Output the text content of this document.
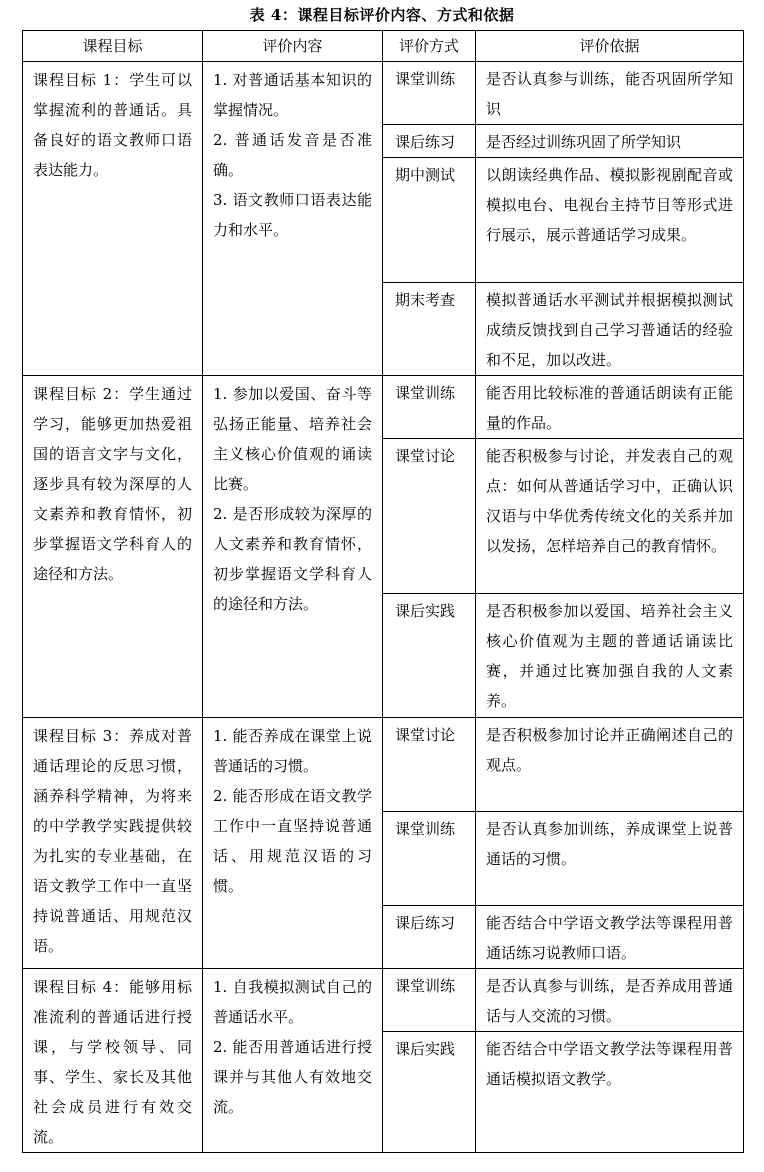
表 4：课程目标评价内容、方式和依据
课程目标	评价内容	评价方式	评价依据
课程目标 1：学生可以掌握流利的普通话。具备良好的语文教师口语表达能力。	1. 对普通话基本知识的掌握情况。

2. 普通话发音是否准确。

3. 语文教师口语表达能力和水平。	课堂训练	是否认真参与训练，能否巩固所学知识
		课后练习	是否经过训练巩固了所学知识
		期中测试	以朗读经典作品、模拟影视剧配音或模拟电台、电视台主持节目等形式进行展示，展示普通话学习成果。
		期末考查	模拟普通话水平测试并根据模拟测试成绩反馈找到自己学习普通话的经验和不足，加以改进。
课程目标 2：学生通过学习，能够更加热爱祖国的语言文字与文化，逐步具有较为深厚的人文素养和教育情怀，初步掌握语文学科育人的途径和方法。	1. 参加以爱国、奋斗等弘扬正能量、培养社会主义核心价值观的诵读比赛。

2. 是否形成较为深厚的人文素养和教育情怀，初步掌握语文学科育人的途径和方法。	课堂训练	能否用比较标准的普通话朗读有正能量的作品。
		课堂讨论	能否积极参与讨论，并发表自己的观点：如何从普通话学习中，正确认识汉语与中华优秀传统文化的关系并加以发扬，怎样培养自己的教育情怀。
		课后实践	是否积极参加以爱国、培养社会主义核心价值观为主题的普通话诵读比赛，并通过比赛加强自我的人文素养。
课程目标 3：养成对普通话理论的反思习惯，涵养科学精神，为将来的中学教学实践提供较为扎实的专业基础，在语文教学工作中一直坚持说普通话、用规范汉语。	1. 能否养成在课堂上说普通话的习惯。

2. 能否形成在语文教学工作中一直坚持说普通话、用规范汉语的习惯。	课堂讨论	是否积极参加讨论并正确阐述自己的观点。
		课堂训练	是否认真参加训练，养成课堂上说普通话的习惯。
		课后练习	能否结合中学语文教学法等课程用普通话练习说教师口语。
课程目标 4：能够用标准流利的普通话进行授课，与学校领导、同事、学生、家长及其他社会成员进行有效交流。	1. 自我模拟测试自己的普通话水平。

2. 能否用普通话进行授课并与其他人有效地交流。	课堂训练	是否认真参与训练，是否养成用普通话与人交流的习惯。
		课后实践	能否结合中学语文教学法等课程用普通话模拟语文教学。
